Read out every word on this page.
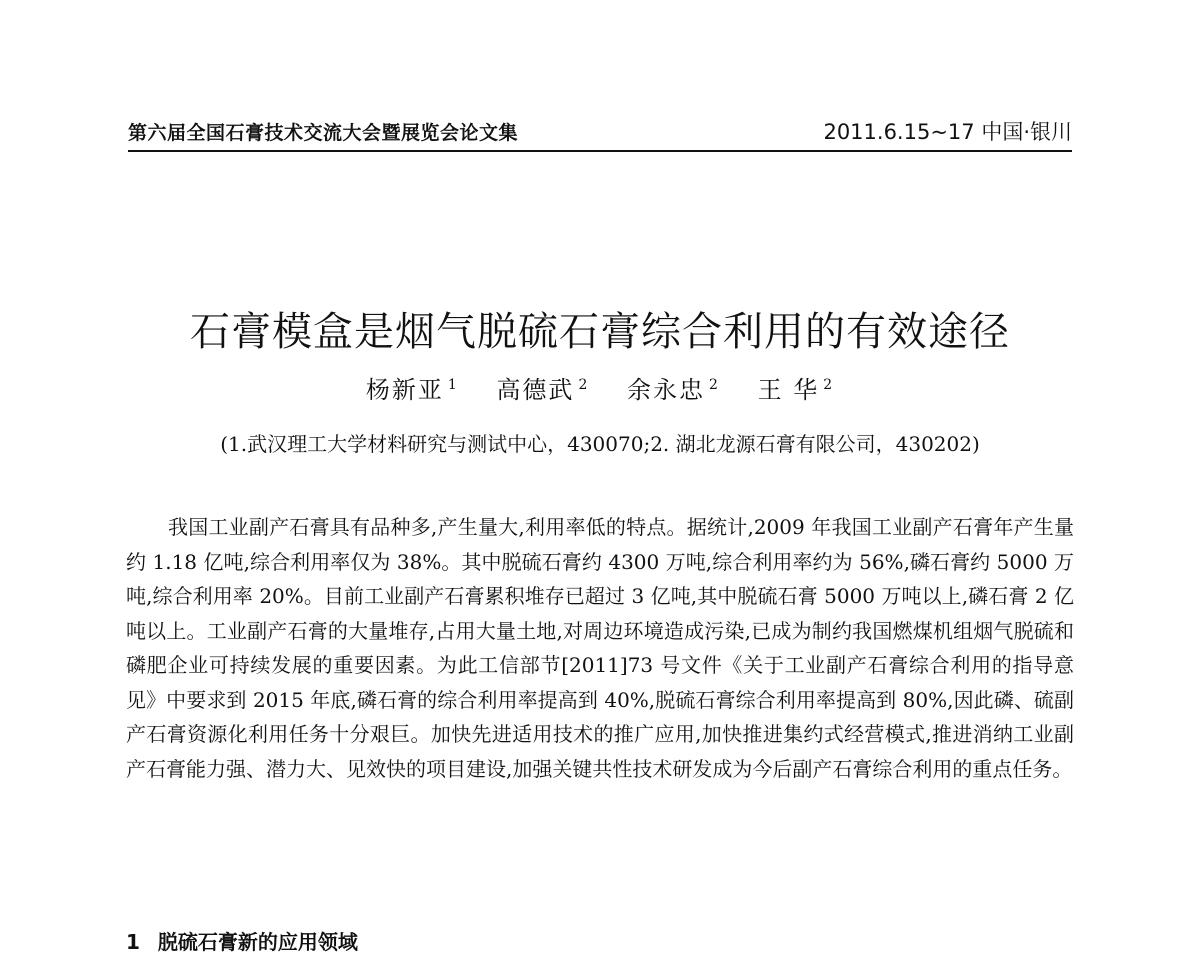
第六届全国石膏技术交流大会暨展览会论文集	2011.6.15~17 中国·银川
石膏模盒是烟气脱硫石膏综合利用的有效途径
杨新亚 $^1$ 高德武 $^2$ 余永忠 $^2$ 王 华 $^2$
(1.武汉理工大学材料研究与测试中心，430070;2. 湖北龙源石膏有限公司，430202)

我国工业副产石膏具有品种多,产生量大,利用率低的特点。据统计,2009 年我国工业副产石膏年产生量约 1.18 亿吨,综合利用率仅为 38%。其中脱硫石膏约 4300 万吨,综合利用率约为 56%,磷石膏约 5000 万吨,综合利用率 20%。目前工业副产石膏累积堆存已超过 3 亿吨,其中脱硫石膏 5000 万吨以上,磷石膏 2 亿吨以上。工业副产石膏的大量堆存,占用大量土地,对周边环境造成污染,已成为制约我国燃煤机组烟气脱硫和磷肥企业可持续发展的重要因素。为此工信部节[2011]73 号文件《关于工业副产石膏综合利用的指导意见》中要求到 2015 年底,磷石膏的综合利用率提高到 40%,脱硫石膏综合利用率提高到 80%,因此磷、硫副产石膏资源化利用任务十分艰巨。加快先进适用技术的推广应用,加快推进集约式经营模式,推进消纳工业副产石膏能力强、潜力大、见效快的项目建设,加强关键共性技术研发成为今后副产石膏综合利用的重点任务。

1 脱硫石膏新的应用领域
